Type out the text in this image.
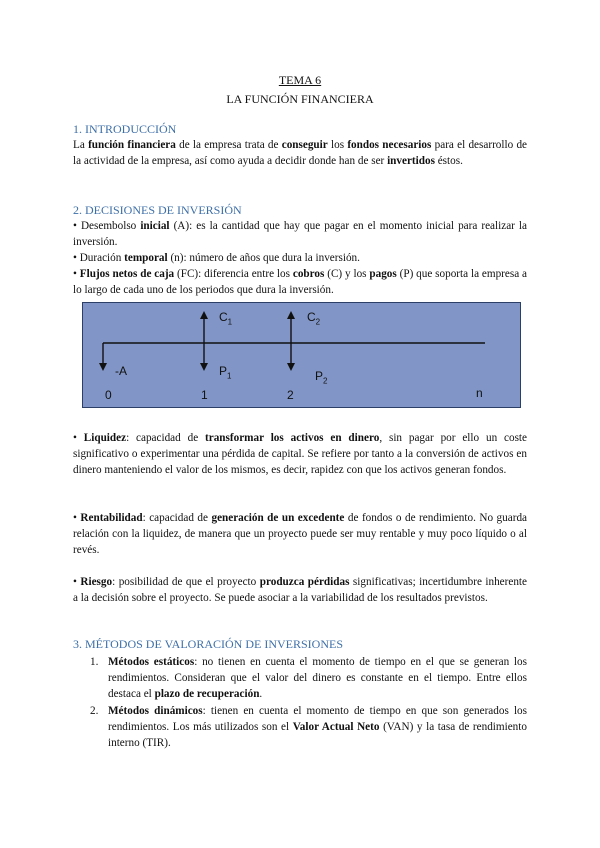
TEMA 6
LA FUNCIÓN FINANCIERA
1. INTRODUCCIÓN
La función financiera de la empresa trata de conseguir los fondos necesarios para el desarrollo de la actividad de la empresa, así como ayuda a decidir donde han de ser invertidos éstos.
2. DECISIONES DE INVERSIÓN
• Desembolso inicial (A): es la cantidad que hay que pagar en el momento inicial para realizar la inversión.
• Duración temporal (n): número de años que dura la inversión.
• Flujos netos de caja (FC): diferencia entre los cobros (C) y los pagos (P) que soporta la empresa a lo largo de cada uno de los periodos que dura la inversión.
$C_1$	$C_2$
-A	$P_1$	$P_2$
0	1	2	n
• Liquidez: capacidad de transformar los activos en dinero, sin pagar por ello un coste significativo o experimentar una pérdida de capital. Se refiere por tanto a la conversión de activos en dinero manteniendo el valor de los mismos, es decir, rapidez con que los activos generan fondos.
• Rentabilidad: capacidad de generación de un excedente de fondos o de rendimiento. No guarda relación con la liquidez, de manera que un proyecto puede ser muy rentable y muy poco líquido o al revés.
• Riesgo: posibilidad de que el proyecto produzca pérdidas significativas; incertidumbre inherente a la decisión sobre el proyecto. Se puede asociar a la variabilidad de los resultados previstos.
3. MÉTODOS DE VALORACIÓN DE INVERSIONES
1. Métodos estáticos: no tienen en cuenta el momento de tiempo en el que se generan los rendimientos. Consideran que el valor del dinero es constante en el tiempo. Entre ellos destaca el plazo de recuperación.
2. Métodos dinámicos: tienen en cuenta el momento de tiempo en que son generados los rendimientos. Los más utilizados son el Valor Actual Neto (VAN) y la tasa de rendimiento interno (TIR).
